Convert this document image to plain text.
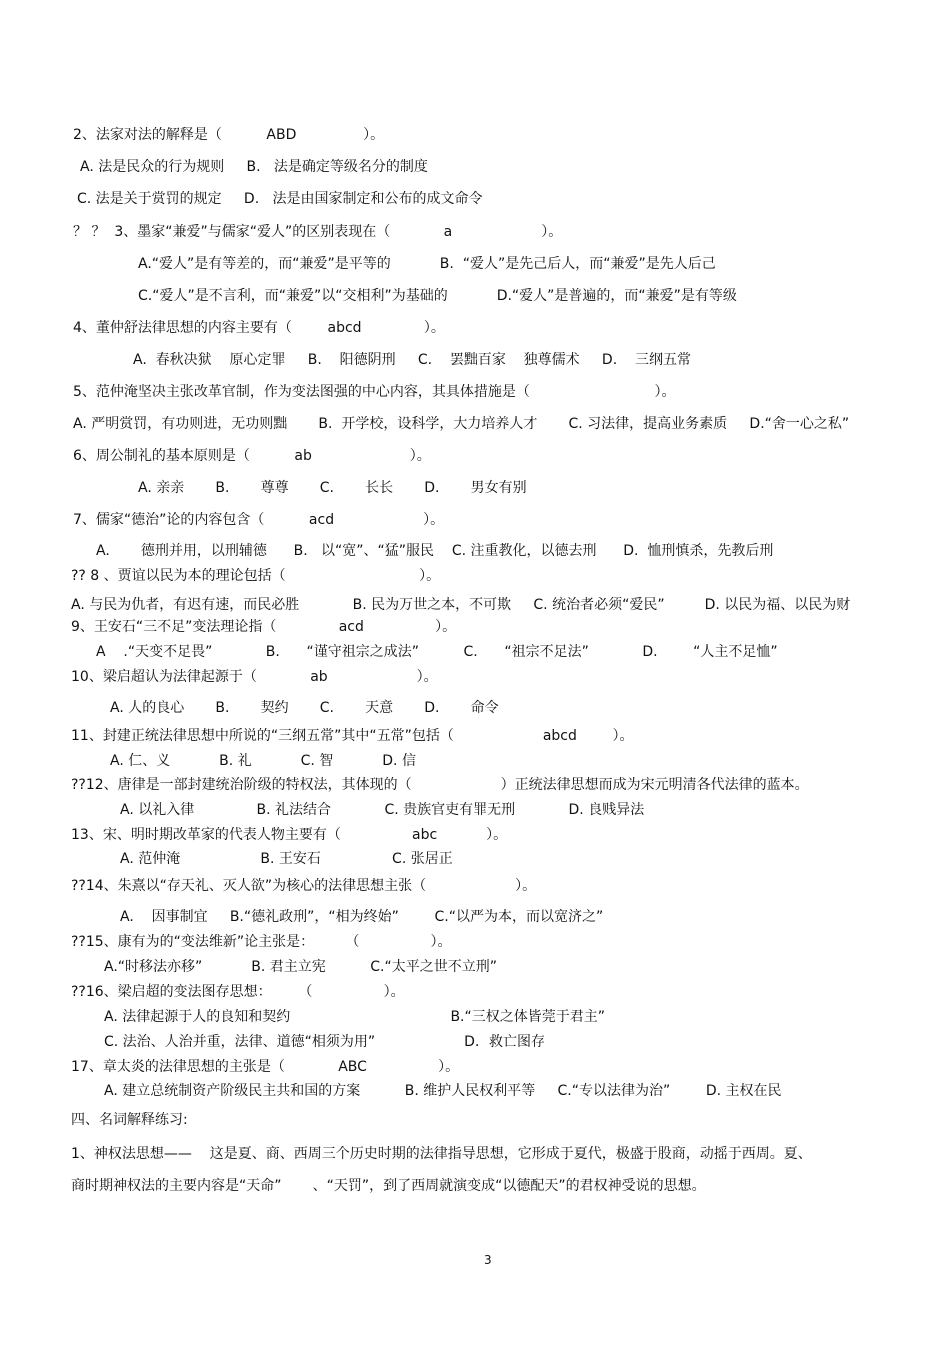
2、法家对法的解释是（          ABD               ）。
A. 法是民众的行为规则     B.   法是确定等级名分的制度
C. 法是关于赏罚的规定     D.   法是由国家制定和公布的成文命令
？ ？  3、墨家“兼爱”与儒家“爱人”的区别表现在（            a                    ）。
A.“爱人”是有等差的，而“兼爱”是平等的           B.  “爱人”是先己后人，而“兼爱”是先人后己
C.“爱人”是不言利，而“兼爱”以“交相利”为基础的           D.“爱人”是普遍的，而“兼爱”是有等级
4、董仲舒法律思想的内容主要有（        abcd              ）。
A.  春秋决狱    原心定罪     B.    阳德阴刑     C.    罢黜百家    独尊儒术     D.    三纲五常
5、范仲淹坚决主张改革官制，作为变法图强的中心内容，其具体措施是（                            ）。
A. 严明赏罚，有功则进，无功则黜       B.  开学校，设科学，大力培养人才       C. 习法律，提高业务素质     D.“舍一心之私”
6、周公制礼的基本原则是（          ab                      ）。
A. 亲亲       B.       尊尊       C.       长长       D.       男女有别
7、儒家“德治”论的内容包含（          acd                    ）。
A.       德刑并用，以刑辅德      B.   以“宽”、“猛”服民    C. 注重教化，以德去刑      D.  恤刑慎杀，先教后刑
?? 8 、贾谊以民为本的理论包括（                              ）。
A. 与民为仇者，有迟有速，而民必胜            B. 民为万世之本，不可欺     C. 统治者必须“爱民”         D. 以民为福、以民为财
9、王安石“三不足”变法理论指（              acd                ）。
A    .“天变不足畏”            B.      “谨守祖宗之成法”          C.      “祖宗不足法”            D.        “人主不足恤”
10、梁启超认为法律起源于（            ab                    ）。
A. 人的良心       B.       契约       C.       天意       D.       命令
11、封建正统法律思想中所说的“三纲五常”其中“五常”包括（                    abcd        ）。
A. 仁、义           B. 礼           C. 智           D. 信
??12、唐律是一部封建统治阶级的特权法，其体现的（                    ）正统法律思想而成为宋元明清各代法律的蓝本。
A. 以礼入律              B. 礼法结合            C. 贵族官吏有罪无刑            D. 良贱异法
13、宋、明时期改革家的代表人物主要有（                abc           ）。
A. 范仲淹                  B. 王安石                C. 张居正
??14、朱熹以“存天礼、灭人欲”为核心的法律思想主张（                    ）。
A.    因事制宜     B.“德礼政刑”，“相为终始”        C.“以严为本，而以宽济之”
??15、康有为的“变法维新”论主张是：       （                ）。
A.“时移法亦移”           B. 君主立宪          C.“太平之世不立刑”
??16、梁启超的变法图存思想：      （                ）。
A. 法律起源于人的良知和契约                                    B.“三权之体皆莞于君主”
C. 法治、人治并重，法律、道德“相须为用”                    D．救亡图存
17、章太炎的法律思想的主张是（            ABC                ）。
A. 建立总统制资产阶级民主共和国的方案          B. 维护人民权利平等     C.“专以法律为治”        D. 主权在民
四、名词解释练习:
1、神权法思想——    这是夏、商、西周三个历史时期的法律指导思想，它形成于夏代，极盛于股商，动摇于西周。夏、
商时期神权法的主要内容是“天命”       、“天罚”，到了西周就演变成“以德配天”的君权神受说的思想。
3
